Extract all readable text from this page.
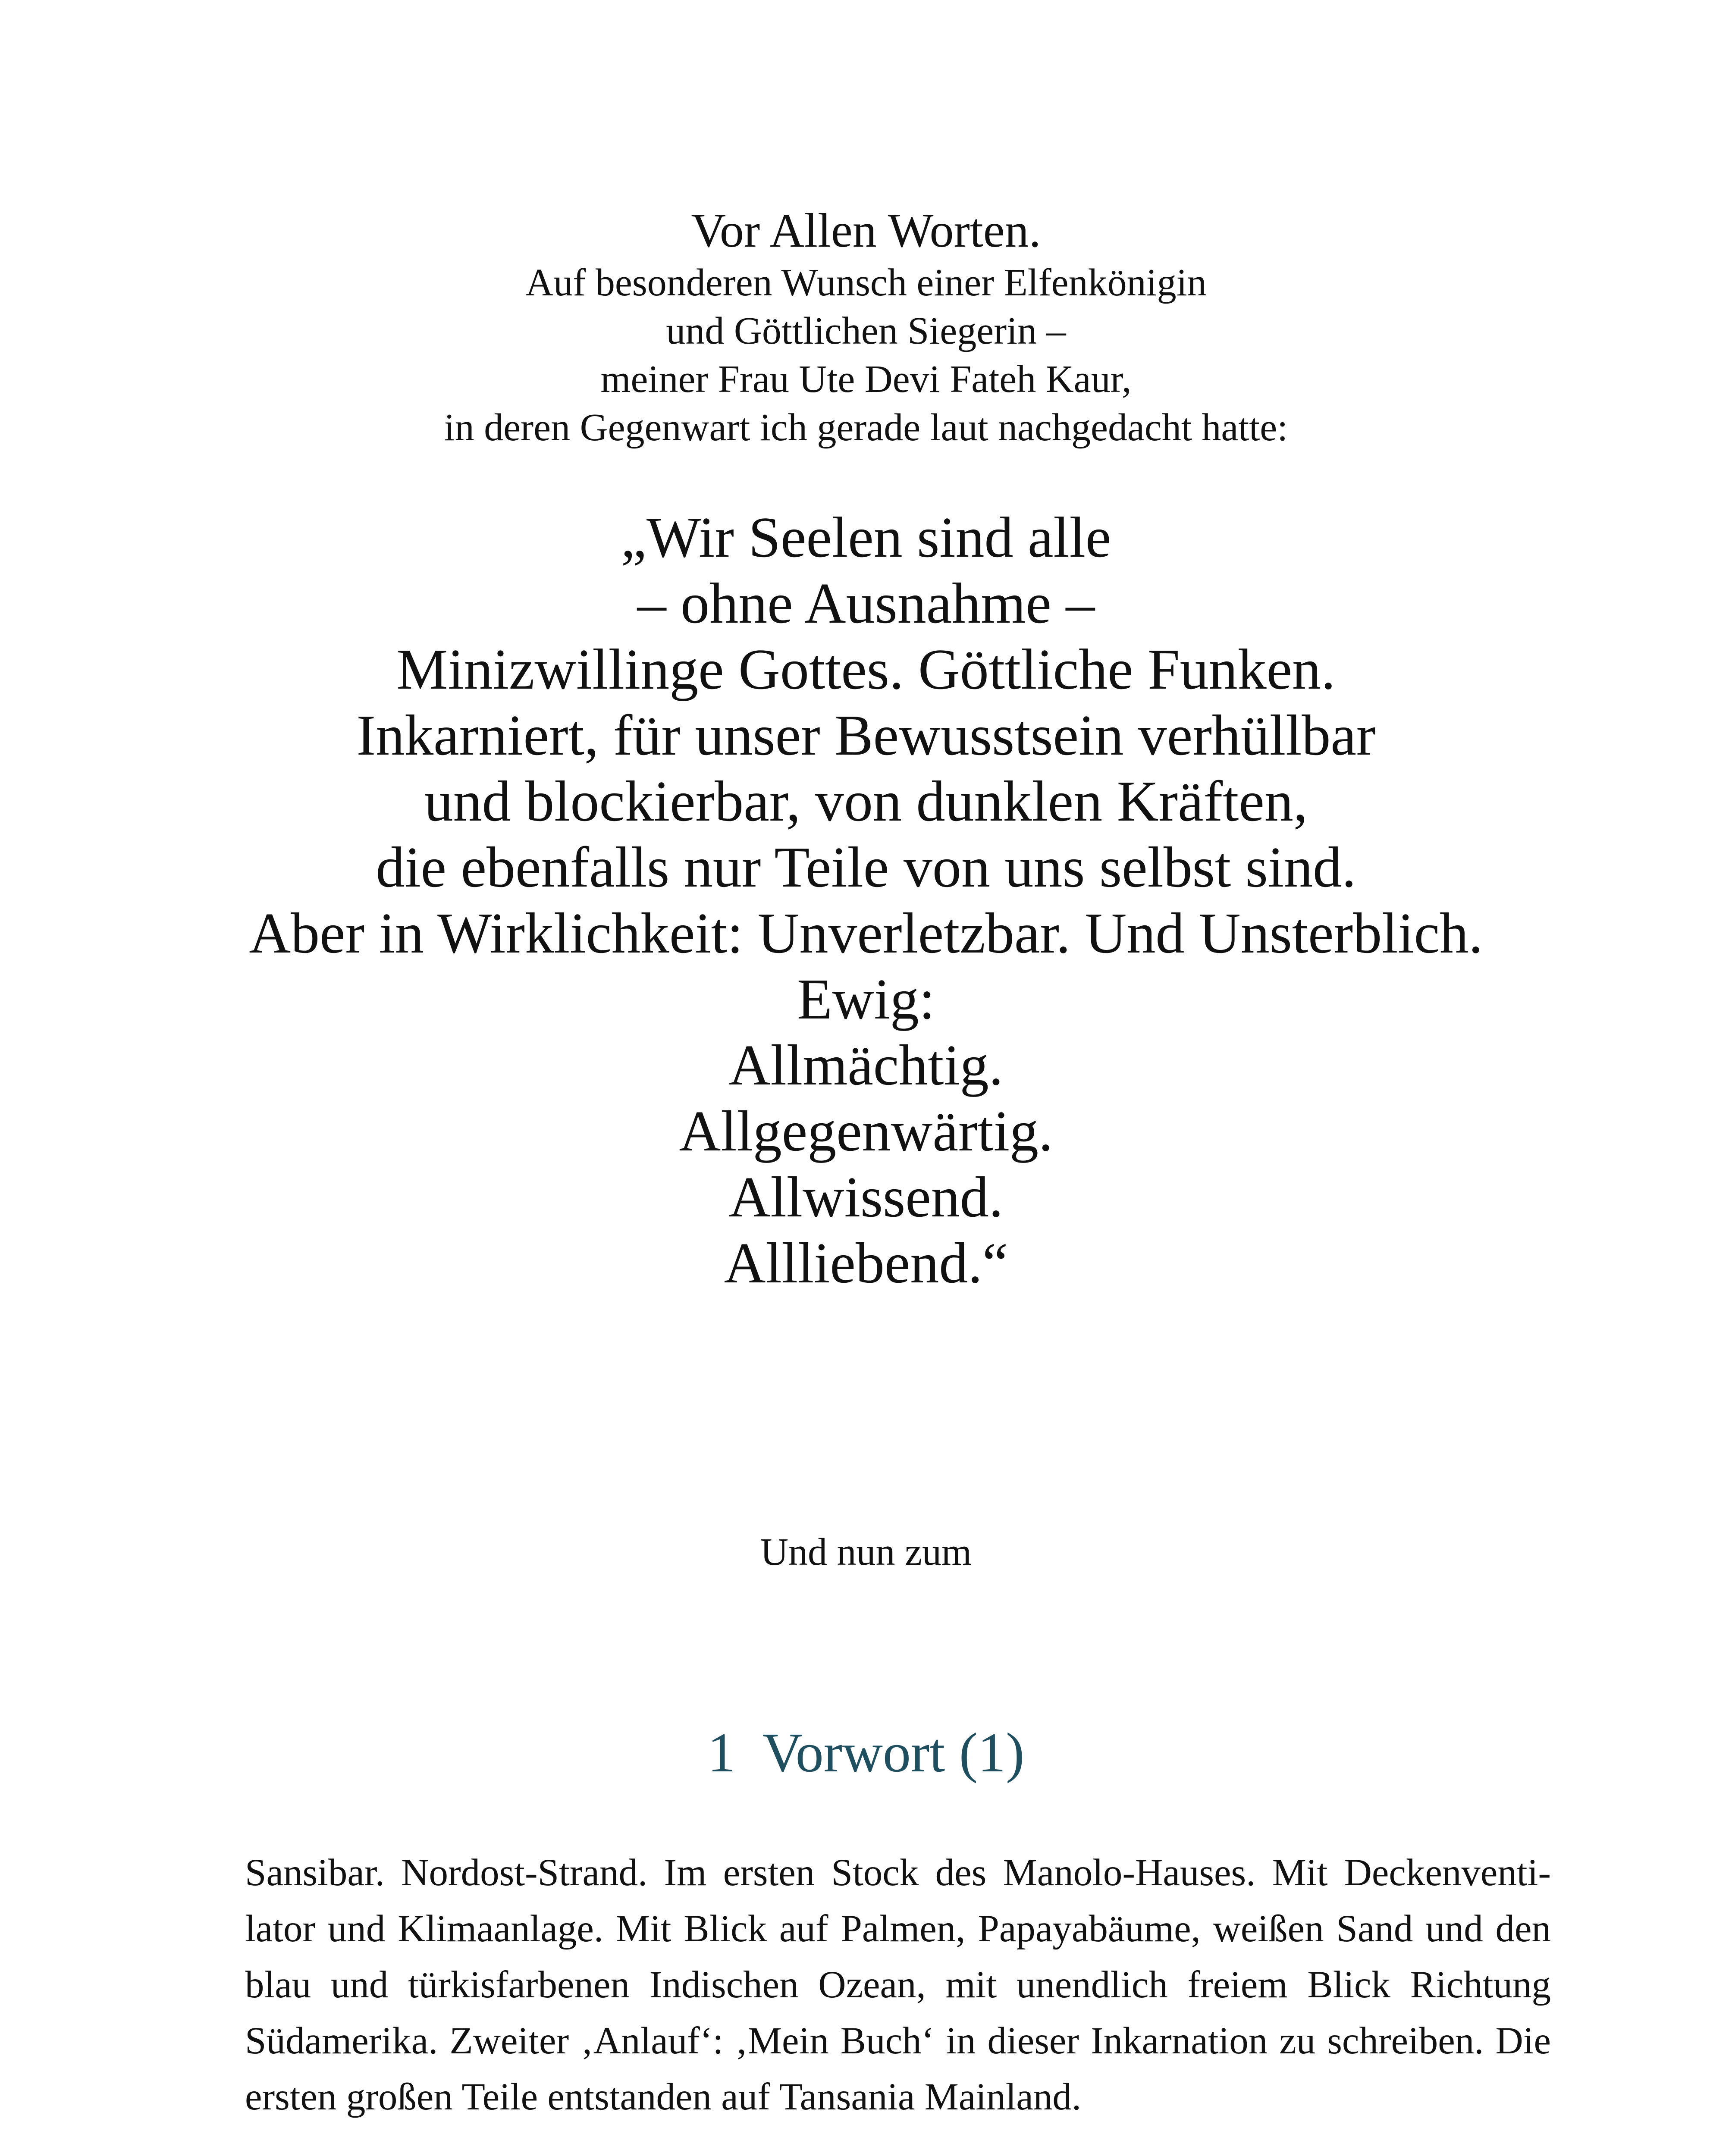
Vor Allen Worten.
Auf besonderen Wunsch einer Elfenkönigin
und Göttlichen Siegerin –
meiner Frau Ute Devi Fateh Kaur,
in deren Gegenwart ich gerade laut nachgedacht hatte:
„Wir Seelen sind alle
– ohne Ausnahme –
Minizwillinge Gottes. Göttliche Funken.
Inkarniert, für unser Bewusstsein verhüllbar
und blockierbar, von dunklen Kräften,
die ebenfalls nur Teile von uns selbst sind.
Aber in Wirklichkeit: Unverletzbar. Und Unsterblich.
Ewig:
Allmächtig.
Allgegenwärtig.
Allwissend.
Allliebend.“
Und nun zum
1 Vorwort (1)
Sansibar. Nordost-Strand. Im ersten Stock des Manolo-Hauses. Mit Deckenventi-
lator und Klimaanlage. Mit Blick auf Palmen, Papayabäume, weißen Sand und den
blau und türkisfarbenen Indischen Ozean, mit unendlich freiem Blick Richtung
Südamerika. Zweiter ‚Anlauf‘: ‚Mein Buch‘ in dieser Inkarnation zu schreiben. Die
ersten großen Teile entstanden auf Tansania Mainland.
